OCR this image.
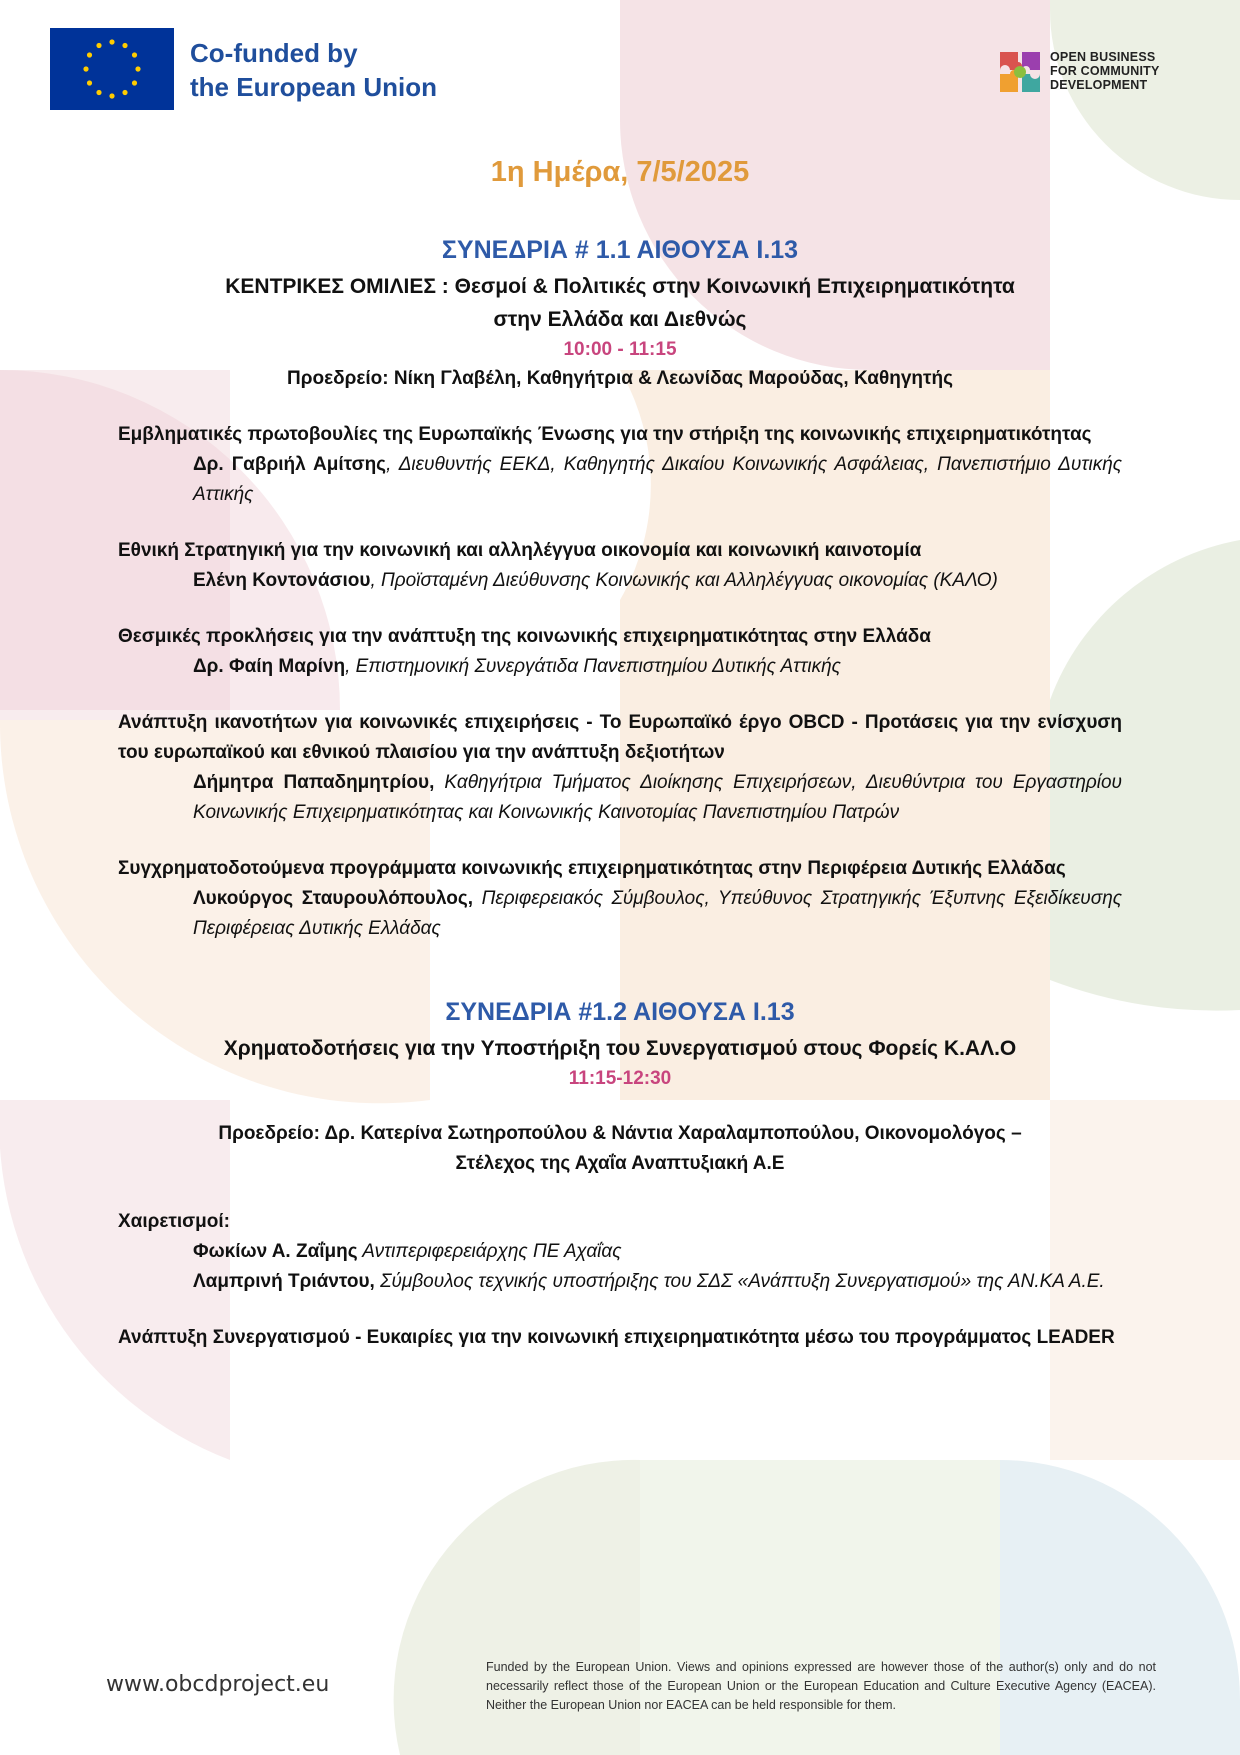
Co-funded by
the European Union
OPEN BUSINESS
FOR COMMUNITY
DEVELOPMENT
1η Ημέρα, 7/5/2025
ΣΥΝΕΔΡΙΑ # 1.1 ΑΙΘΟΥΣΑ Ι.13
ΚΕΝΤΡΙΚΕΣ ΟΜΙΛΙΕΣ : Θεσμοί & Πολιτικές στην Κοινωνική Επιχειρηματικότητα
στην Ελλάδα και Διεθνώς
10:00 - 11:15
Προεδρείο: Νίκη Γλαβέλη, Καθηγήτρια & Λεωνίδας Μαρούδας, Καθηγητής
Εμβληματικές πρωτοβουλίες της Ευρωπαϊκής Ένωσης για την στήριξη της κοινωνικής επιχειρηματικότητας
Δρ. Γαβριήλ Αμίτσης, Διευθυντής ΕΕΚΔ, Καθηγητής Δικαίου Κοινωνικής Ασφάλειας, Πανεπιστήμιο Δυτικής Αττικής
Εθνική Στρατηγική για την κοινωνική και αλληλέγγυα οικονομία και κοινωνική καινοτομία
Ελένη Κοντονάσιου, Προϊσταμένη Διεύθυνσης Κοινωνικής και Αλληλέγγυας οικονομίας (ΚΑΛΟ)
Θεσμικές προκλήσεις για την ανάπτυξη της κοινωνικής επιχειρηματικότητας στην Ελλάδα
Δρ. Φαίη Μαρίνη, Επιστημονική Συνεργάτιδα Πανεπιστημίου Δυτικής Αττικής
Ανάπτυξη ικανοτήτων για κοινωνικές επιχειρήσεις - Το Ευρωπαϊκό έργο OBCD - Προτάσεις για την ενίσχυση του ευρωπαϊκού και εθνικού πλαισίου για την ανάπτυξη δεξιοτήτων
Δήμητρα Παπαδημητρίου, Καθηγήτρια Τμήματος Διοίκησης Επιχειρήσεων, Διευθύντρια του Εργαστηρίου Κοινωνικής Επιχειρηματικότητας και Κοινωνικής Καινοτομίας Πανεπιστημίου Πατρών
Συγχρηματοδοτούμενα προγράμματα κοινωνικής επιχειρηματικότητας στην Περιφέρεια Δυτικής Ελλάδας
Λυκούργος Σταυρουλόπουλος, Περιφερειακός Σύμβουλος, Υπεύθυνος Στρατηγικής Έξυπνης Εξειδίκευσης Περιφέρειας Δυτικής Ελλάδας
ΣΥΝΕΔΡΙΑ #1.2 ΑΙΘΟΥΣΑ Ι.13
Χρηματοδοτήσεις για την Υποστήριξη του Συνεργατισμού στους Φορείς Κ.ΑΛ.Ο
11:15-12:30
Προεδρείο: Δρ. Κατερίνα Σωτηροπούλου & Νάντια Χαραλαμποπούλου, Οικονομολόγος –
Στέλεχος της Αχαΐα Αναπτυξιακή Α.Ε
Χαιρετισμοί:
Φωκίων Α. Ζαΐμης Αντιπεριφερειάρχης ΠΕ Αχαΐας
Λαμπρινή Τριάντου, Σύμβουλος τεχνικής υποστήριξης του ΣΔΣ «Ανάπτυξη Συνεργατισμού» της ΑΝ.ΚΑ Α.Ε.
Ανάπτυξη Συνεργατισμού - Ευκαιρίες για την κοινωνική επιχειρηματικότητα μέσω του προγράμματος LEADER
www.obcdproject.eu
Funded by the European Union. Views and opinions expressed are however those of the author(s) only and do not necessarily reflect those of the European Union or the European Education and Culture Executive Agency (EACEA). Neither the European Union nor EACEA can be held responsible for them.
